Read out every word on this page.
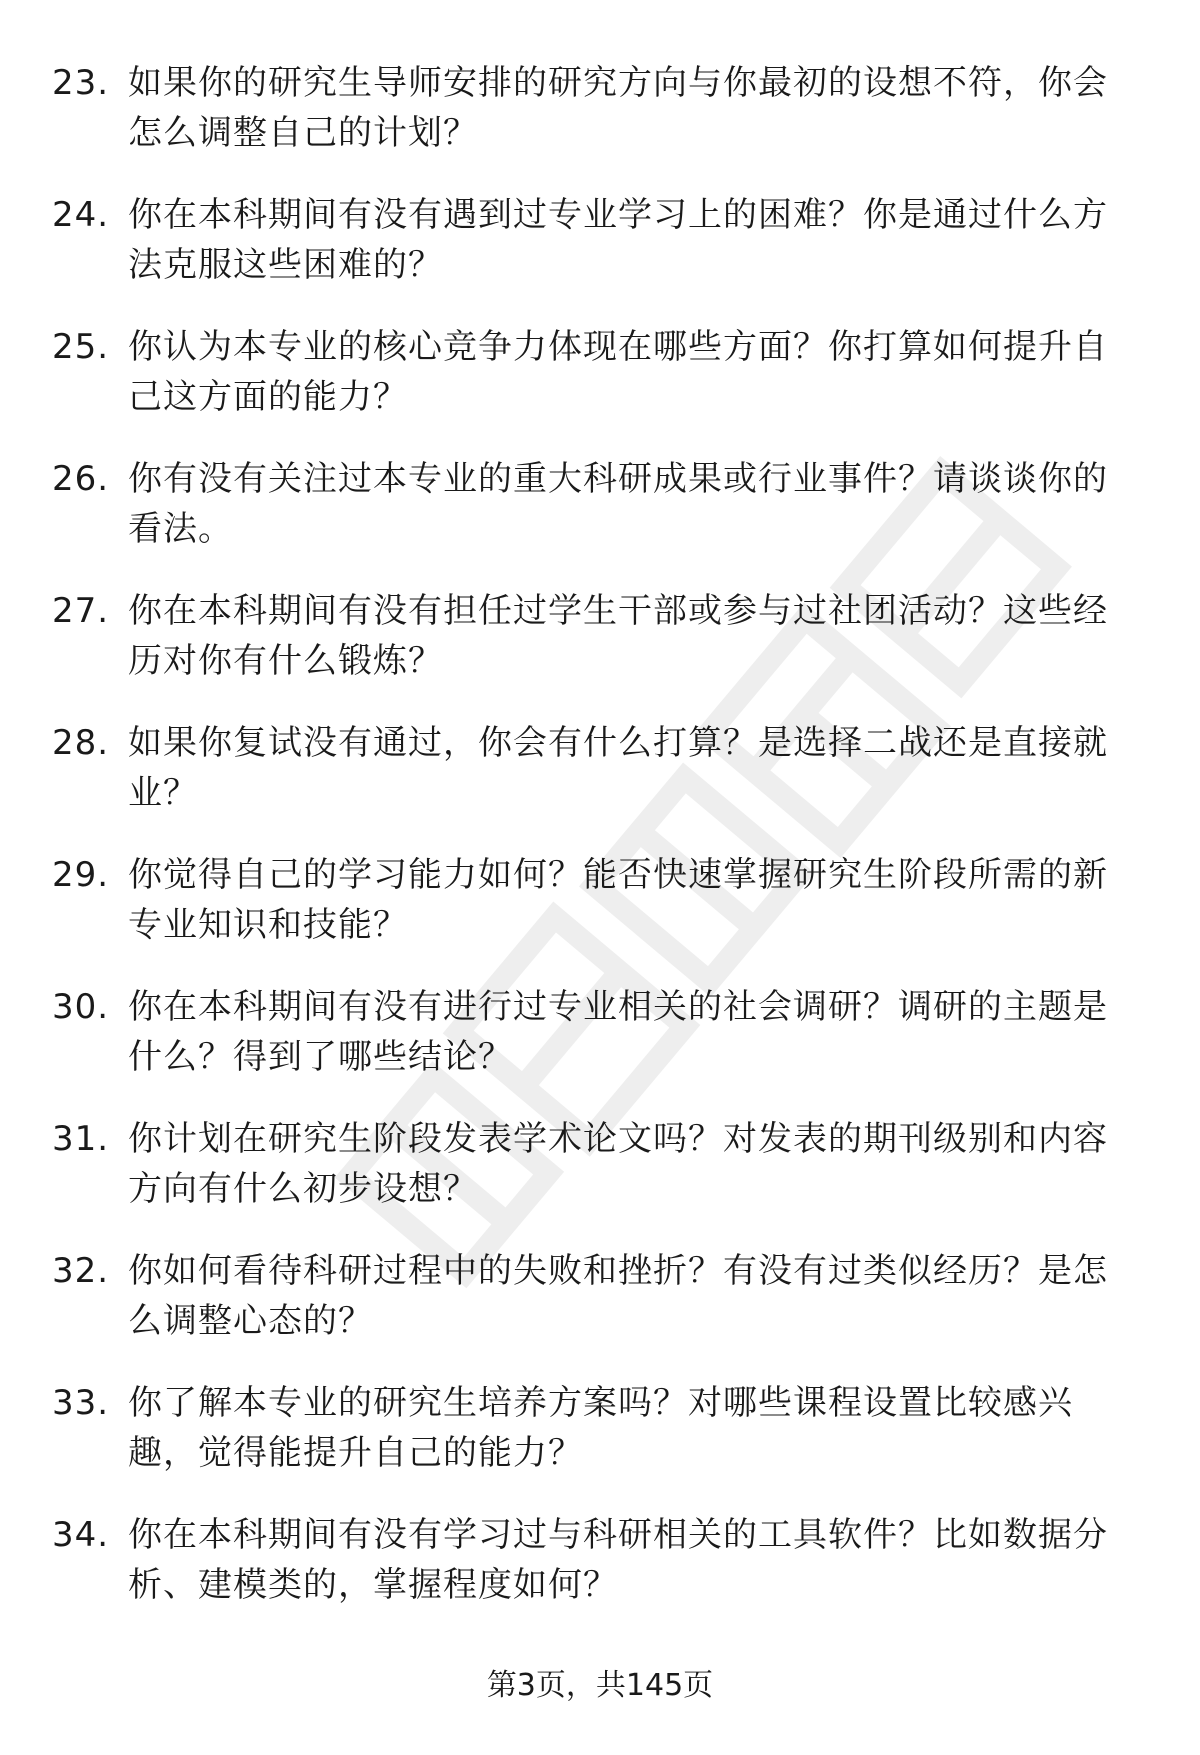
23. 如果你的研究生导师安排的研究方向与你最初的设想不符，你会怎么调整自己的计划？
24. 你在本科期间有没有遇到过专业学习上的困难？你是通过什么方法克服这些困难的？
25. 你认为本专业的核心竞争力体现在哪些方面？你打算如何提升自己这方面的能力？
26. 你有没有关注过本专业的重大科研成果或行业事件？请谈谈你的看法。
27. 你在本科期间有没有担任过学生干部或参与过社团活动？这些经历对你有什么锻炼？
28. 如果你复试没有通过，你会有什么打算？是选择二战还是直接就业？
29. 你觉得自己的学习能力如何？能否快速掌握研究生阶段所需的新专业知识和技能？
30. 你在本科期间有没有进行过专业相关的社会调研？调研的主题是什么？得到了哪些结论？
31. 你计划在研究生阶段发表学术论文吗？对发表的期刊级别和内容方向有什么初步设想？
32. 你如何看待科研过程中的失败和挫折？有没有过类似经历？是怎么调整心态的？
33. 你了解本专业的研究生培养方案吗？对哪些课程设置比较感兴趣，觉得能提升自己的能力？
34. 你在本科期间有没有学习过与科研相关的工具软件？比如数据分析、建模类的，掌握程度如何？
第3页，共145页
